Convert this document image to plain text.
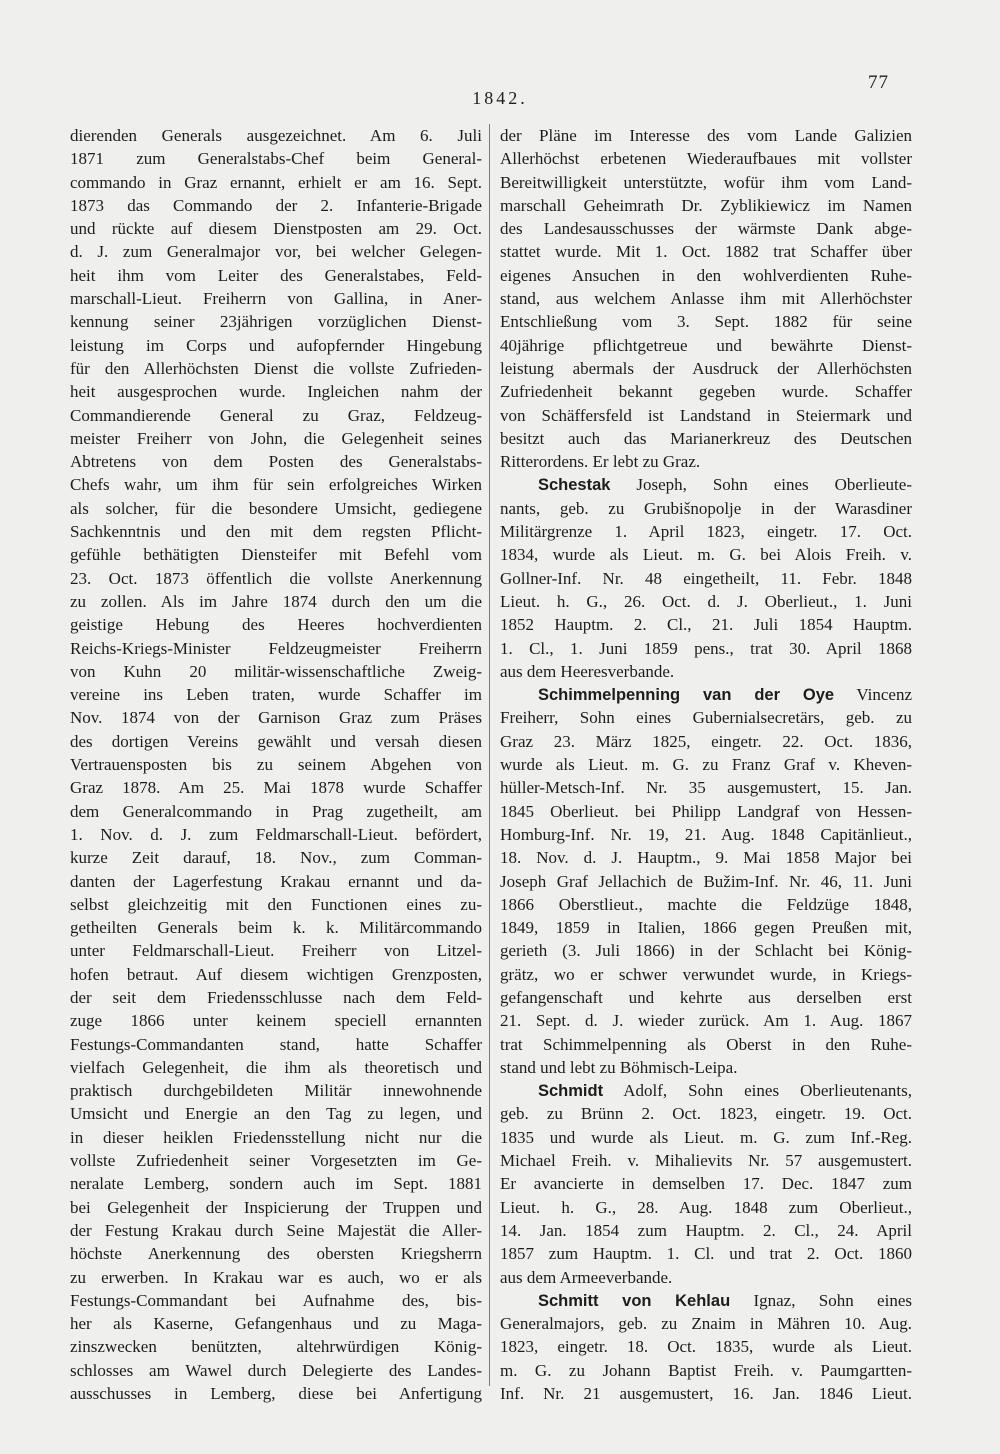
77
1842.
dierenden Generals ausgezeichnet. Am 6. Juli
1871 zum Generalstabs-Chef beim General-
commando in Graz ernannt, erhielt er am 16. Sept.
1873 das Commando der 2. Infanterie-Brigade
und rückte auf diesem Dienstposten am 29. Oct.
d. J. zum Generalmajor vor, bei welcher Gelegen-
heit ihm vom Leiter des Generalstabes, Feld-
marschall-Lieut. Freiherrn von Gallina, in Aner-
kennung seiner 23jährigen vorzüglichen Dienst-
leistung im Corps und aufopfernder Hingebung
für den Allerhöchsten Dienst die vollste Zufrieden-
heit ausgesprochen wurde. Ingleichen nahm der
Commandierende General zu Graz, Feldzeug-
meister Freiherr von John, die Gelegenheit seines
Abtretens von dem Posten des Generalstabs-
Chefs wahr, um ihm für sein erfolgreiches Wirken
als solcher, für die besondere Umsicht, gediegene
Sachkenntnis und den mit dem regsten Pflicht-
gefühle bethätigten Diensteifer mit Befehl vom
23. Oct. 1873 öffentlich die vollste Anerkennung
zu zollen. Als im Jahre 1874 durch den um die
geistige Hebung des Heeres hochverdienten
Reichs-Kriegs-Minister Feldzeugmeister Freiherrn
von Kuhn 20 militär-wissenschaftliche Zweig-
vereine ins Leben traten, wurde Schaffer im
Nov. 1874 von der Garnison Graz zum Präses
des dortigen Vereins gewählt und versah diesen
Vertrauensposten bis zu seinem Abgehen von
Graz 1878. Am 25. Mai 1878 wurde Schaffer
dem Generalcommando in Prag zugetheilt, am
1. Nov. d. J. zum Feldmarschall-Lieut. befördert,
kurze Zeit darauf, 18. Nov., zum Comman-
danten der Lagerfestung Krakau ernannt und da-
selbst gleichzeitig mit den Functionen eines zu-
getheilten Generals beim k. k. Militärcommando
unter Feldmarschall-Lieut. Freiherr von Litzel-
hofen betraut. Auf diesem wichtigen Grenzposten,
der seit dem Friedensschlusse nach dem Feld-
zuge 1866 unter keinem speciell ernannten
Festungs-Commandanten stand, hatte Schaffer
vielfach Gelegenheit, die ihm als theoretisch und
praktisch durchgebildeten Militär innewohnende
Umsicht und Energie an den Tag zu legen, und
in dieser heiklen Friedensstellung nicht nur die
vollste Zufriedenheit seiner Vorgesetzten im Ge-
neralate Lemberg, sondern auch im Sept. 1881
bei Gelegenheit der Inspicierung der Truppen und
der Festung Krakau durch Seine Majestät die Aller-
höchste Anerkennung des obersten Kriegsherrn
zu erwerben. In Krakau war es auch, wo er als
Festungs-Commandant bei Aufnahme des, bis-
her als Kaserne, Gefangenhaus und zu Maga-
zinszwecken benützten, altehrwürdigen König-
schlosses am Wawel durch Delegierte des Landes-
ausschusses in Lemberg, diese bei Anfertigung
der Pläne im Interesse des vom Lande Galizien
Allerhöchst erbetenen Wiederaufbaues mit vollster
Bereitwilligkeit unterstützte, wofür ihm vom Land-
marschall Geheimrath Dr. Zyblikiewicz im Namen
des Landesausschusses der wärmste Dank abge-
stattet wurde. Mit 1. Oct. 1882 trat Schaffer über
eigenes Ansuchen in den wohlverdienten Ruhe-
stand, aus welchem Anlasse ihm mit Allerhöchster
Entschließung vom 3. Sept. 1882 für seine
40jährige pflichtgetreue und bewährte Dienst-
leistung abermals der Ausdruck der Allerhöchsten
Zufriedenheit bekannt gegeben wurde. Schaffer
von Schäffersfeld ist Landstand in Steiermark und
besitzt auch das Marianerkreuz des Deutschen
Ritterordens. Er lebt zu Graz.
Schestak Joseph, Sohn eines Oberlieute-
nants, geb. zu Grubišnopolje in der Warasdiner
Militärgrenze 1. April 1823, eingetr. 17. Oct.
1834, wurde als Lieut. m. G. bei Alois Freih. v.
Gollner-Inf. Nr. 48 eingetheilt, 11. Febr. 1848
Lieut. h. G., 26. Oct. d. J. Oberlieut., 1. Juni
1852 Hauptm. 2. Cl., 21. Juli 1854 Hauptm.
1. Cl., 1. Juni 1859 pens., trat 30. April 1868
aus dem Heeresverbande.
Schimmelpenning van der Oye Vincenz
Freiherr, Sohn eines Gubernialsecretärs, geb. zu
Graz 23. März 1825, eingetr. 22. Oct. 1836,
wurde als Lieut. m. G. zu Franz Graf v. Kheven-
hüller-Metsch-Inf. Nr. 35 ausgemustert, 15. Jan.
1845 Oberlieut. bei Philipp Landgraf von Hessen-
Homburg-Inf. Nr. 19, 21. Aug. 1848 Capitänlieut.,
18. Nov. d. J. Hauptm., 9. Mai 1858 Major bei
Joseph Graf Jellachich de Bužim-Inf. Nr. 46, 11. Juni
1866 Oberstlieut., machte die Feldzüge 1848,
1849, 1859 in Italien, 1866 gegen Preußen mit,
gerieth (3. Juli 1866) in der Schlacht bei König-
grätz, wo er schwer verwundet wurde, in Kriegs-
gefangenschaft und kehrte aus derselben erst
21. Sept. d. J. wieder zurück. Am 1. Aug. 1867
trat Schimmelpenning als Oberst in den Ruhe-
stand und lebt zu Böhmisch-Leipa.
Schmidt Adolf, Sohn eines Oberlieutenants,
geb. zu Brünn 2. Oct. 1823, eingetr. 19. Oct.
1835 und wurde als Lieut. m. G. zum Inf.-Reg.
Michael Freih. v. Mihalievits Nr. 57 ausgemustert.
Er avancierte in demselben 17. Dec. 1847 zum
Lieut. h. G., 28. Aug. 1848 zum Oberlieut.,
14. Jan. 1854 zum Hauptm. 2. Cl., 24. April
1857 zum Hauptm. 1. Cl. und trat 2. Oct. 1860
aus dem Armeeverbande.
Schmitt von Kehlau Ignaz, Sohn eines
Generalmajors, geb. zu Znaim in Mähren 10. Aug.
1823, eingetr. 18. Oct. 1835, wurde als Lieut.
m. G. zu Johann Baptist Freih. v. Paumgartten-
Inf. Nr. 21 ausgemustert, 16. Jan. 1846 Lieut.
